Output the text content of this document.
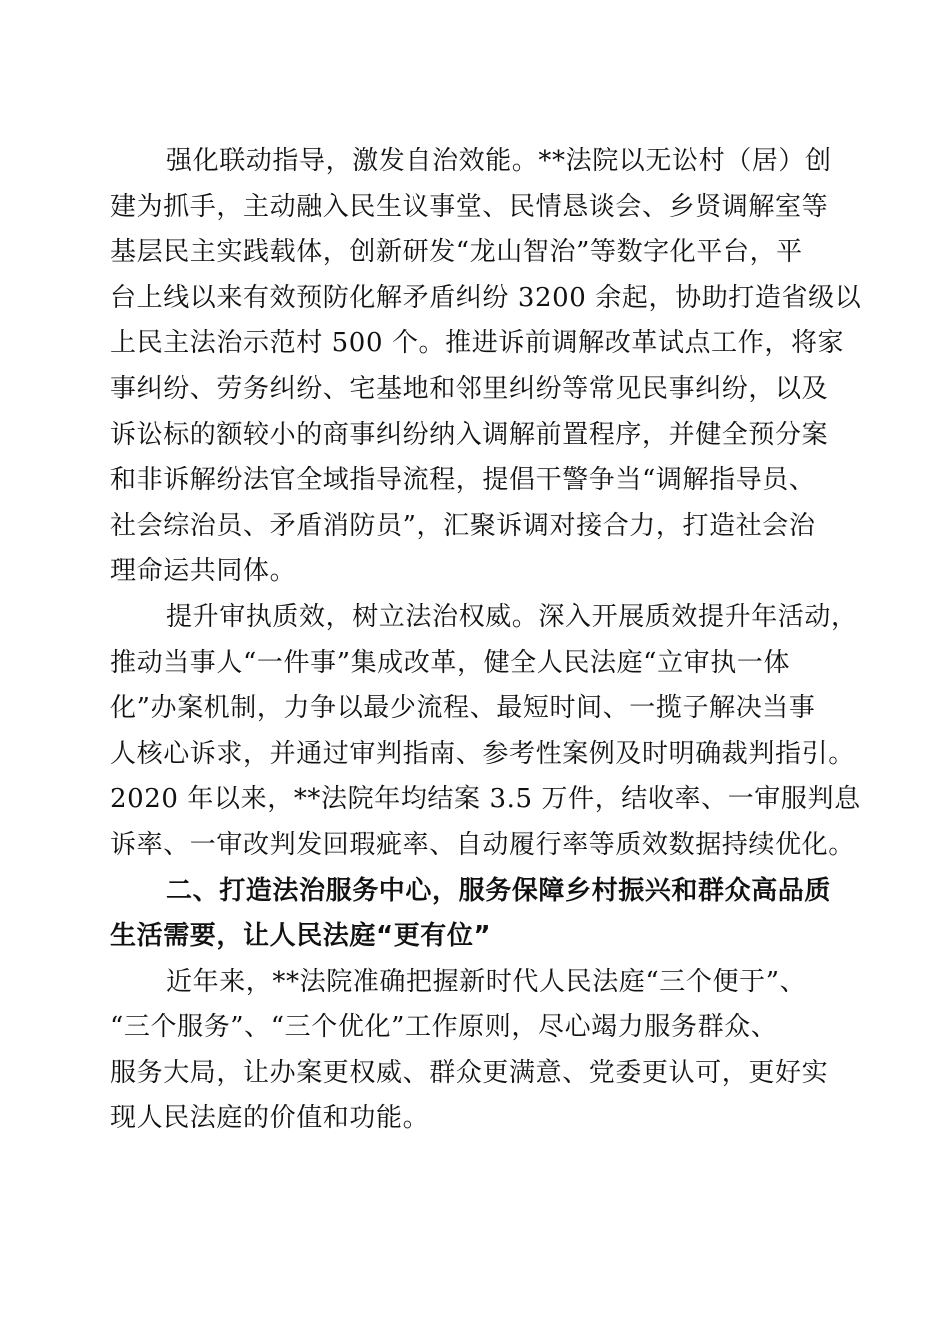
强化联动指导，激发自治效能。**法院以无讼村（居）创
建为抓手，主动融入民生议事堂、民情恳谈会、乡贤调解室等
基层民主实践载体，创新研发“龙山智治”等数字化平台，平
台上线以来有效预防化解矛盾纠纷 3200 余起，协助打造省级以
上民主法治示范村 500 个。推进诉前调解改革试点工作，将家
事纠纷、劳务纠纷、宅基地和邻里纠纷等常见民事纠纷，以及
诉讼标的额较小的商事纠纷纳入调解前置程序，并健全预分案
和非诉解纷法官全域指导流程，提倡干警争当“调解指导员、
社会综治员、矛盾消防员”，汇聚诉调对接合力，打造社会治
理命运共同体。

提升审执质效，树立法治权威。深入开展质效提升年活动，
推动当事人“一件事”集成改革，健全人民法庭“立审执一体
化”办案机制，力争以最少流程、最短时间、一揽子解决当事
人核心诉求，并通过审判指南、参考性案例及时明确裁判指引。
2020 年以来，**法院年均结案 3.5 万件，结收率、一审服判息
诉率、一审改判发回瑕疵率、自动履行率等质效数据持续优化。

二、打造法治服务中心，服务保障乡村振兴和群众高品质
生活需要，让人民法庭“更有位”

近年来，**法院准确把握新时代人民法庭“三个便于”、
“三个服务”、“三个优化”工作原则，尽心竭力服务群众、
服务大局，让办案更权威、群众更满意、党委更认可，更好实
现人民法庭的价值和功能。
